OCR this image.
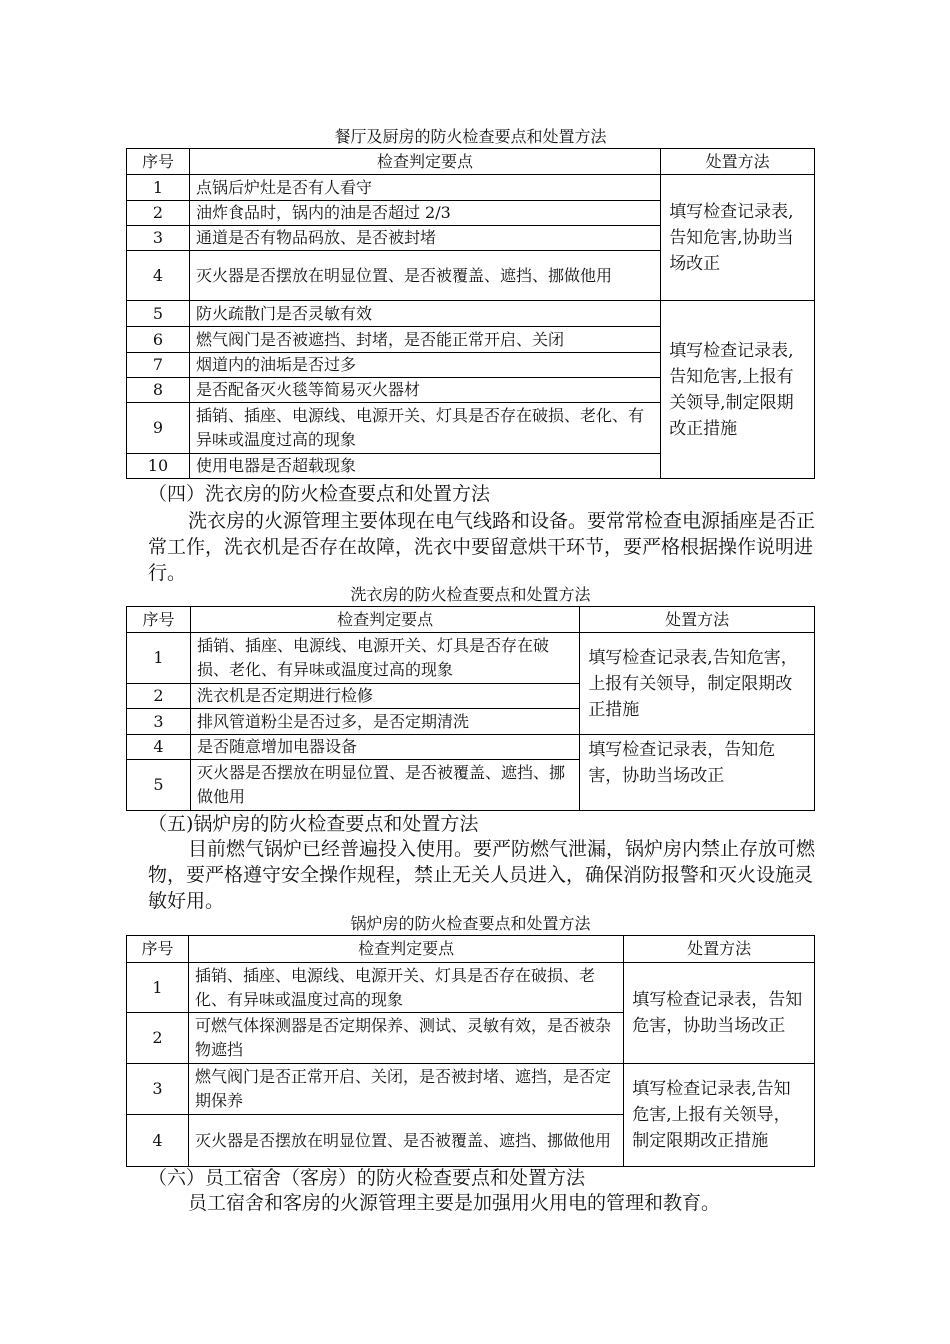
餐厅及厨房的防火检查要点和处置方法
序号	检查判定要点	处置方法
1	点锅后炉灶是否有人看守	填写检查记录表,告知危害,协助当场改正
2	油炸食品时，锅内的油是否超过 2/3	
3	通道是否有物品码放、是否被封堵	
4	灭火器是否摆放在明显位置、是否被覆盖、遮挡、挪做他用	
5	防火疏散门是否灵敏有效	填写检查记录表,告知危害,上报有关领导,制定限期改正措施
6	燃气阀门是否被遮挡、封堵，是否能正常开启、关闭	
7	烟道内的油垢是否过多	
8	是否配备灭火毯等简易灭火器材	
9	插销、插座、电源线、电源开关、灯具是否存在破损、老化、有异味或温度过高的现象	
10	使用电器是否超载现象	
（四）洗衣房的防火检查要点和处置方法
洗衣房的火源管理主要体现在电气线路和设备。要常常检查电源插座是否正常工作，洗衣机是否存在故障，洗衣中要留意烘干环节，要严格根据操作说明进行。
洗衣房的防火检查要点和处置方法
序号	检查判定要点	处置方法
1	插销、插座、电源线、电源开关、灯具是否存在破损、老化、有异味或温度过高的现象	填写检查记录表,告知危害，上报有关领导，制定限期改正措施
2	洗衣机是否定期进行检修	
3	排风管道粉尘是否过多，是否定期清洗	
4	是否随意增加电器设备	填写检查记录表，告知危害，协助当场改正
5	灭火器是否摆放在明显位置、是否被覆盖、遮挡、挪做他用	
（五)锅炉房的防火检查要点和处置方法
目前燃气锅炉已经普遍投入使用。要严防燃气泄漏，锅炉房内禁止存放可燃物，要严格遵守安全操作规程，禁止无关人员进入，确保消防报警和灭火设施灵敏好用。
锅炉房的防火检查要点和处置方法
序号	检查判定要点	处置方法
1	插销、插座、电源线、电源开关、灯具是否存在破损、老化、有异味或温度过高的现象	填写检查记录表，告知危害，协助当场改正
2	可燃气体探测器是否定期保养、测试、灵敏有效，是否被杂物遮挡	
3	燃气阀门是否正常开启、关闭，是否被封堵、遮挡，是否定期保养	填写检查记录表,告知危害,上报有关领导，制定限期改正措施
4	灭火器是否摆放在明显位置、是否被覆盖、遮挡、挪做他用	
（六）员工宿舍（客房）的防火检查要点和处置方法
员工宿舍和客房的火源管理主要是加强用火用电的管理和教育。
